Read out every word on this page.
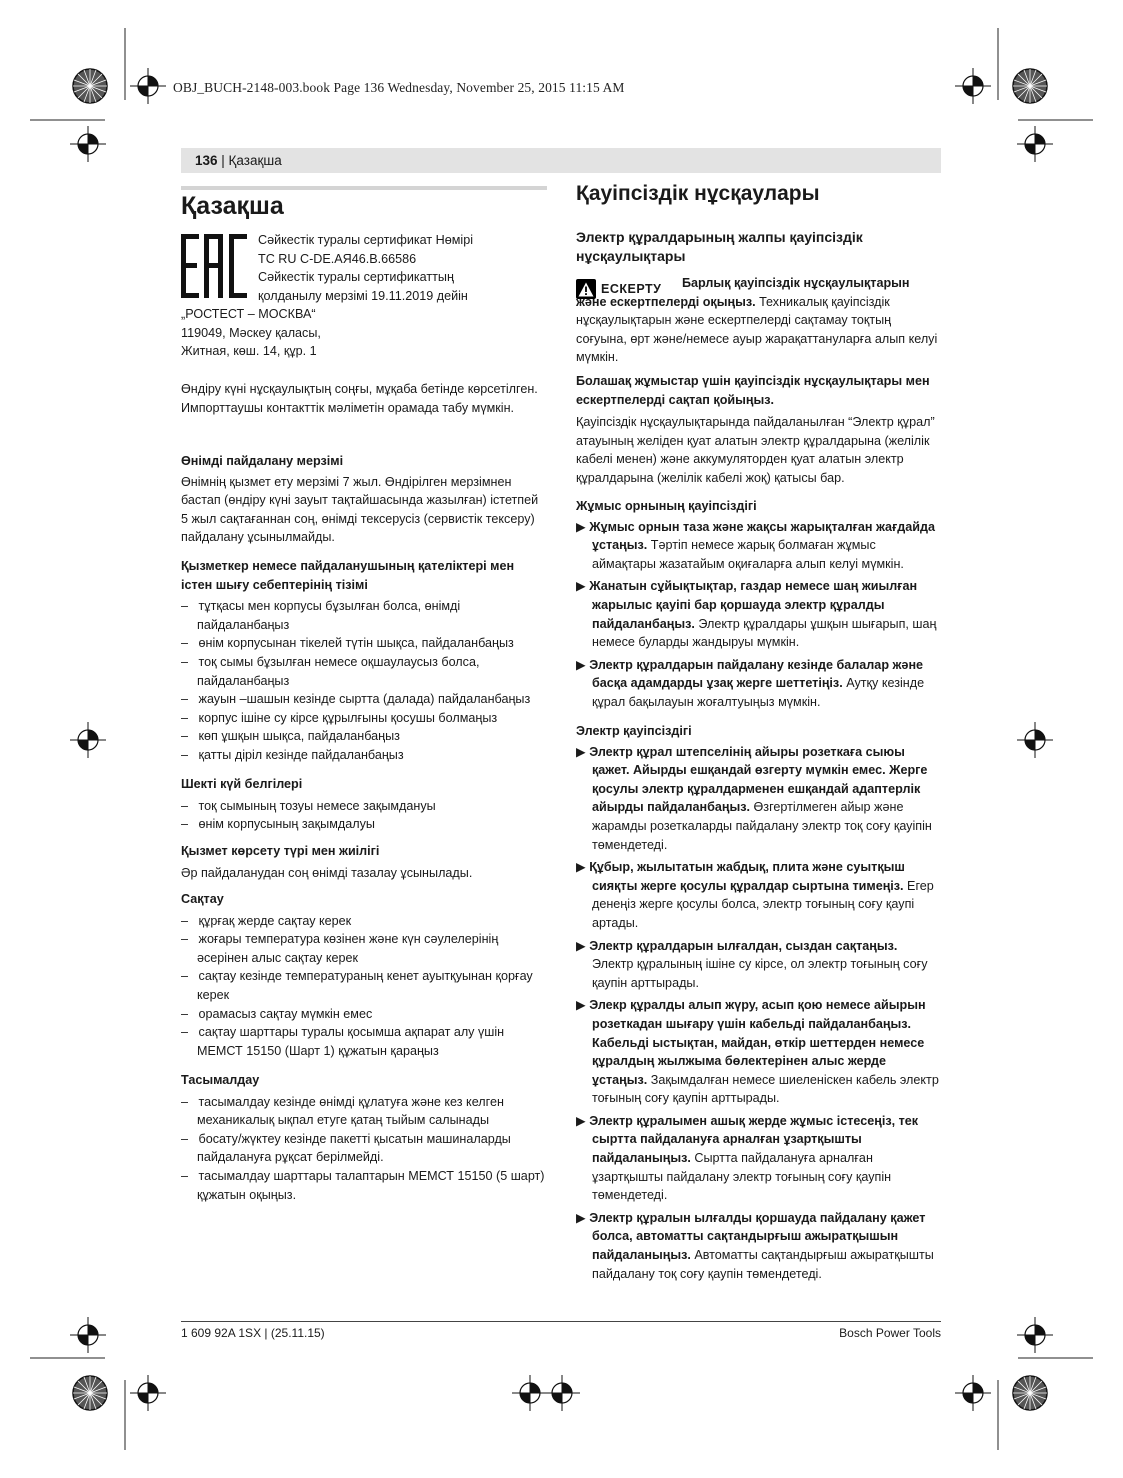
OBJ_BUCH-2148-003.book Page 136 Wednesday, November 25, 2015 11:15 AM
136 | Қазақша
Қазақша
Сәйкестік туралы сертификат Нөмірі
TC RU C-DE.АЯ46.B.66586
Сәйкестік туралы сертификаттың
қолданылу мерзімі 19.11.2019 дейін
„РОСТЕСТ – МОСКВА“
119049, Мәскеу қаласы,
Житная, көш. 14, құр. 1
Өндіру күні нұсқаулықтың соңғы, мұқаба бетінде көрсетілген.
Импорттаушы контакттік мәліметін орамада табу мүмкін.
Өнімді пайдалану мерзімі
Өнімнің қызмет ету мерзімі 7 жыл. Өндірілген мерзімнен бастап (өндіру күні зауыт тақтайшасында жазылған) істетпей 5 жыл сақтағаннан соң, өнімді тексерусіз (сервистік тексеру) пайдалану ұсынылмайды.
Қызметкер немесе пайдаланушының қателіктері мен істен шығу себептерінің тізімі
–   тұтқасы мен корпусы бұзылған болса, өнімді пайдаланбаңыз
–   өнім корпусынан тікелей түтін шықса, пайдаланбаңыз
–   тоқ сымы бұзылған немесе оқшаулаусыз болса, пайдаланбаңыз
–   жауын –шашын кезінде сыртта (далада) пайдаланбаңыз
–   корпус ішіне су кірсе құрылғыны қосушы болмаңыз
–   көп ұшқын шықса, пайдаланбаңыз
–   қатты діріл кезінде пайдаланбаңыз
Шекті күй белгілері
–   тоқ сымының тозуы немесе зақымдануы
–   өнім корпусының зақымдалуы
Қызмет көрсету түрі мен жиілігі
Әр пайдаланудан соң өнімді тазалау ұсынылады.
Сақтау
–   құрғақ жерде сақтау керек
–   жоғары температура көзінен және күн сәулелерінің әсерінен алыс сақтау керек
–   сақтау кезінде температураның кенет ауытқуынан қорғау керек
–   орамасыз сақтау мүмкін емес
–   сақтау шарттары туралы қосымша ақпарат алу үшін МЕМСТ 15150 (Шарт 1) құжатын қараңыз
Тасымалдау
–   тасымалдау кезінде өнімді құлатуға және кез келген механикалық ықпал етуге қатаң тыйым салынады
–   босату/жүктеу кезінде пакетті қысатын машиналарды пайдалануға рұқсат берілмейді.
–   тасымалдау шарттары талаптарын МЕМСТ 15150 (5 шарт) құжатын оқыңыз.
Қауіпсіздік нұсқаулары
Электр құралдарының жалпы қауіпсіздік нұсқаулықтары
ЕСКЕРТУ	Барлық қауіпсіздік нұсқаулықтарын және ескертпелерді оқыңыз. Техникалық қауіпсіздік нұсқаулықтарын және ескертпелерді сақтамау тоқтың соғуына, өрт және/немесе ауыр жарақаттануларға алып келуі мүмкін.
Болашақ жұмыстар үшін қауіпсіздік нұсқаулықтары мен ескертпелерді сақтап қойыңыз.
Қауіпсіздік нұсқаулықтарында пайдаланылған “Электр құрал” атауының желіден қуат алатын электр құралдарына (желілік кабелі менен) және аккумуляторден қуат алатын электр құралдарына (желілік кабелі жоқ) қатысы бар.
Жұмыс орнының қауіпсіздігі
▶ Жұмыс орнын таза және жақсы жарықталған жағдайда ұстаңыз. Тәртіп немесе жарық болмаған жұмыс аймақтары жазатайым оқиғаларға алып келуі мүмкін.
▶ Жанатын сұйықтықтар, газдар немесе шаң жиылған жарылыс қауіпі бар қоршауда электр құралды пайдаланбаңыз. Электр құралдары ұшқын шығарып, шаң немесе буларды жандыруы мүмкін.
▶ Электр құралдарын пайдалану кезінде балалар және басқа адамдарды ұзақ жерге шеттетіңіз. Аутқу кезінде құрал бақылауын жоғалтуыңыз мүмкін.
Электр қауіпсіздігі
▶ Электр құрал штепселінің айыры розеткаға сыюы қажет. Айырды ешқандай өзгерту мүмкін емес. Жерге қосулы электр құралдарменен ешқандай адаптерлік айырды пайдаланбаңыз. Өзгертілмеген айыр және жарамды розеткаларды пайдалану электр тоқ соғу қауіпін төмендетеді.
▶ Құбыр, жылытатын жабдық, плита және суытқыш сияқты жерге қосулы құралдар сыртына тимеңіз. Егер денеңіз жерге қосулы болса, электр тоғының соғу қаупі артады.
▶ Электр құралдарын ылғалдан, сыздан сақтаңыз. Электр құралының ішіне су кірсе, ол электр тоғының соғу қаупін арттырады.
▶ Элекр құралды алып жүру, асып қою немесе айырын розеткадан шығару үшін кабельді пайдаланбаңыз. Кабельді ыстықтан, майдан, өткір шеттерден немесе құралдың жылжыма бөлектерінен алыс жерде ұстаңыз. Зақымдалған немесе шиеленіскен кабель электр тоғының соғу қаупін арттырады.
▶ Электр құралымен ашық жерде жұмыс істесеңіз, тек сыртта пайдалануға арналған ұзартқышты пайдаланыңыз. Сыртта пайдалануға арналған ұзартқышты пайдалану электр тоғының соғу қаупін төмендетеді.
▶ Электр құралын ылғалды қоршауда пайдалану қажет болса, автоматты сақтандырғыш ажыратқышын пайдаланыңыз. Автоматты сақтандырғыш ажыратқышты пайдалану тоқ соғу қаупін төмендетеді.
1 609 92A 1SX | (25.11.15)	Bosch Power Tools
